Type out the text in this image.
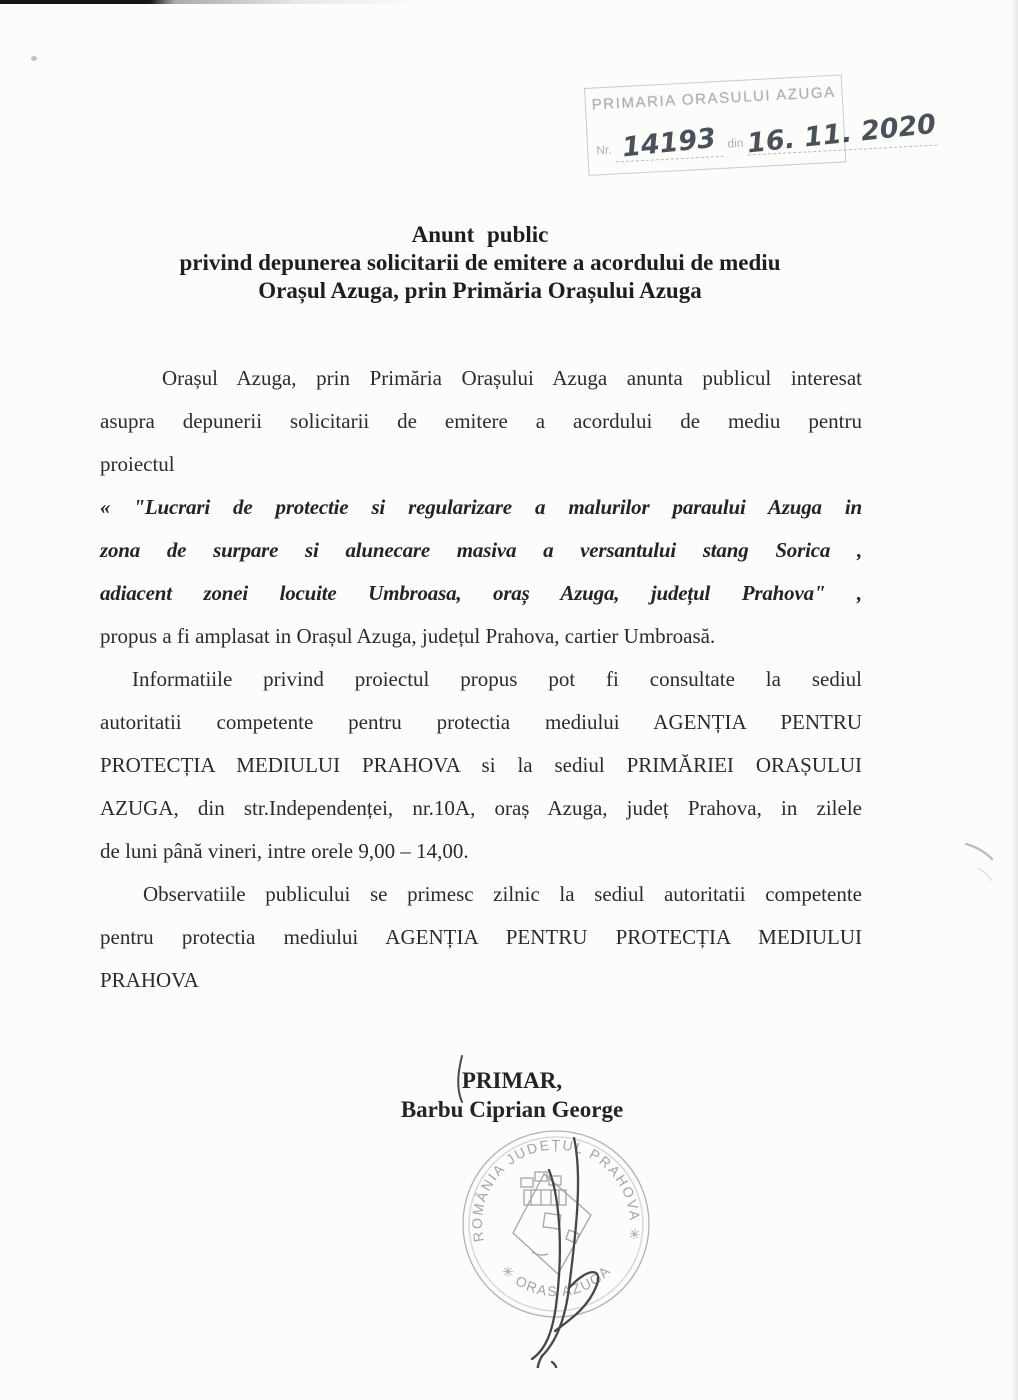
PRIMARIA ORASULUI AZUGA
Nr. 14193 din 16. 11. 2020
Anunt public
privind depunerea solicitarii de emitere a acordului de mediu
Orașul Azuga, prin Primăria Orașului Azuga
Orașul Azuga, prin Primăria Orașului Azuga anunta publicul interesat
asupra depunerii solicitarii de emitere a acordului de mediu pentru
proiectul
« "Lucrari de protectie si regularizare a malurilor paraului Azuga in
zona de surpare si alunecare masiva a versantului stang Sorica ,
adiacent zonei locuite Umbroasa, oraș Azuga, județul Prahova" ,
propus a fi amplasat in Orașul Azuga, județul Prahova, cartier Umbroasă.
Informatiile privind proiectul propus pot fi consultate la sediul
autoritatii competente pentru protectia mediului AGENȚIA PENTRU
PROTECȚIA MEDIULUI PRAHOVA si la sediul PRIMĂRIEI ORAȘULUI
AZUGA, din str.Independenței, nr.10A, oraș Azuga, județ Prahova, in zilele
de luni până vineri, intre orele 9,00 – 14,00.
Observatiile publicului se primesc zilnic la sediul autoritatii competente
pentru protectia mediului AGENȚIA PENTRU PROTECȚIA MEDIULUI
PRAHOVA
PRIMAR,
Barbu Ciprian George
ROMÂNIA JUDEȚUL PRAHOVA ✳
✳ ORAS AZUGA
